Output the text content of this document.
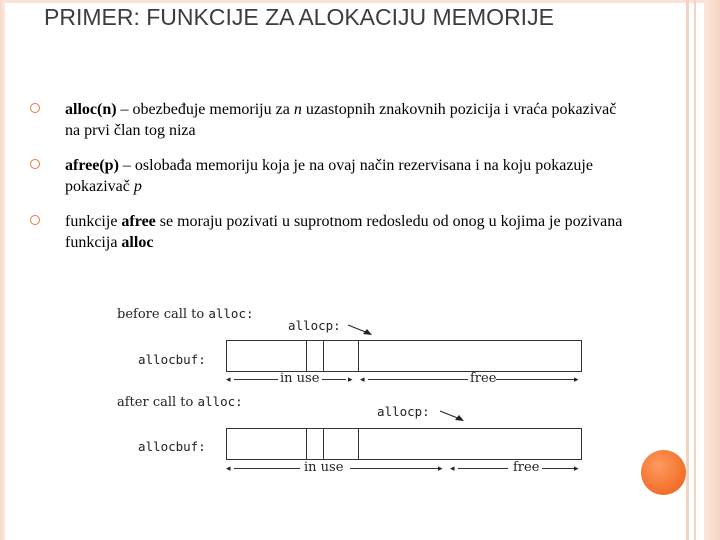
PRIMER: FUNKCIJE ZA ALOKACIJU MEMORIJE
alloc(n) – obezbeđuje memoriju za n uzastopnih znakovnih pozicija i vraća pokazivač na prvi član tog niza
afree(p) – oslobađa memoriju koja je na ovaj način rezervisana i na koju pokazuje pokazivač p
funkcije afree se moraju pozivati u suprotnom redosledu od onog u kojima je pozivana funkcija alloc
before call to alloc:
allocp:
allocbuf:
◂	in use	▸ ◂	free	▸
after call to alloc:
allocp:
allocbuf:
◂	in use	▸ ◂	free	▸
